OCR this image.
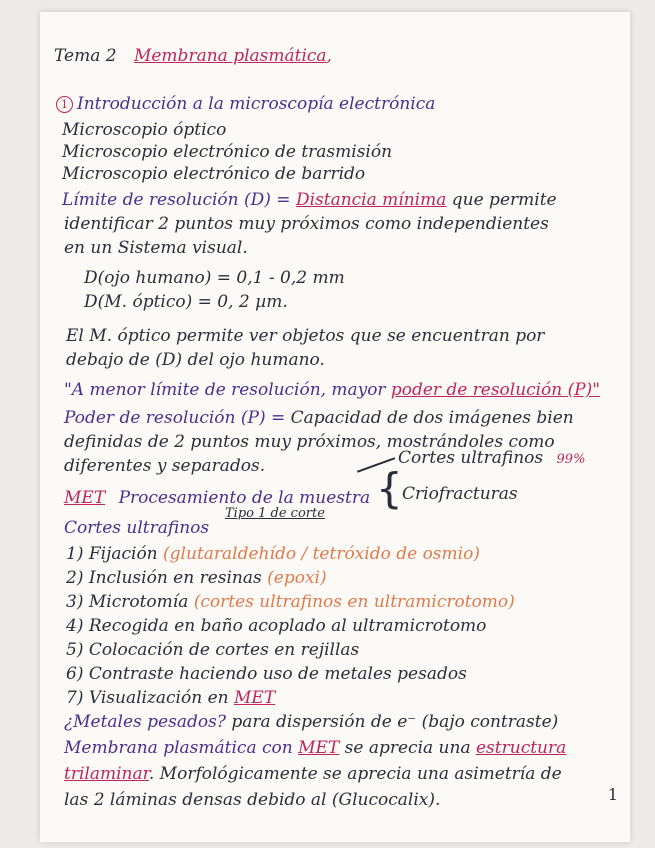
Tema 2 Membrana plasmática,
1 Introducción a la microscopía electrónica
Microscopio óptico
Microscopio electrónico de trasmisión
Microscopio electrónico de barrido
Límite de resolución (D) = Distancia mínima que permite
identificar 2 puntos muy próximos como independientes
en un Sistema visual.
D(ojo humano) = 0,1 - 0,2 mm
D(M. óptico) = 0, 2 µm.
El M. óptico permite ver objetos que se encuentran por
debajo de (D) del ojo humano.
"A menor límite de resolución, mayor poder de resolución (P)"
Poder de resolución (P) = Capacidad de dos imágenes bien
definidas de 2 puntos muy próximos, mostrándoles como
diferentes y separados.	Cortes ultrafinos 99%
MET Procesamiento de la muestra { Criofracturas
Cortes ultrafinos
Tipo 1 de corte
1) Fijación (glutaraldehído / tetróxido de osmio)
2) Inclusión en resinas (epoxi)
3) Microtomía (cortes ultrafinos en ultramicrotomo)
4) Recogida en baño acoplado al ultramicrotomo
5) Colocación de cortes en rejillas
6) Contraste haciendo uso de metales pesados
7) Visualización en MET
¿Metales pesados? para dispersión de e⁻ (bajo contraste)
Membrana plasmática con MET se aprecia una estructura
trilaminar. Morfológicamente se aprecia una asimetría de
las 2 láminas densas debido al (Glucocalix).	1
